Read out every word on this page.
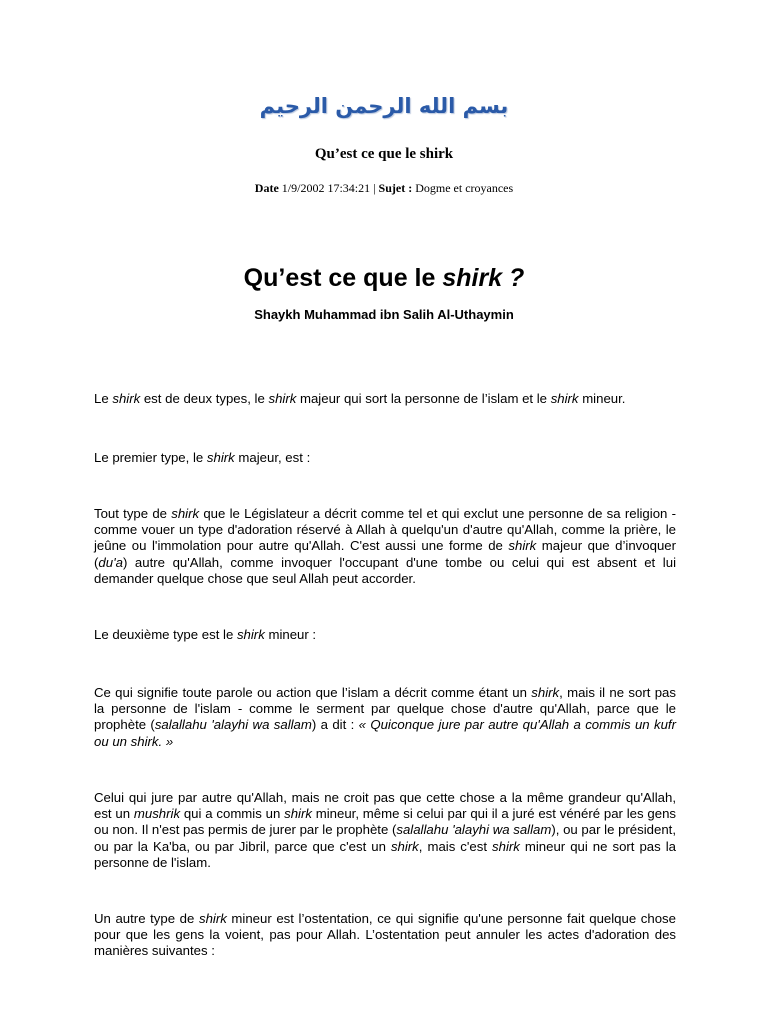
بسم الله الرحمن الرحيم
Qu’est ce que le shirk
Date 1/9/2002 17:34:21 | Sujet : Dogme et croyances
Qu’est ce que le shirk ?
Shaykh Muhammad ibn Salih Al-Uthaymin
Le shirk est de deux types, le shirk majeur qui sort la personne de l’islam et le shirk mineur.
Le premier type, le shirk majeur, est :
Tout type de shirk que le Législateur a décrit comme tel et qui exclut une personne de sa religion - comme vouer un type d'adoration réservé à Allah à quelqu'un d'autre qu'Allah, comme la prière, le jeûne ou l'immolation pour autre qu'Allah. C'est aussi une forme de shirk majeur que d’invoquer (du'a) autre qu'Allah, comme invoquer l'occupant d'une tombe ou celui qui est absent et lui demander quelque chose que seul Allah peut accorder.
Le deuxième type est le shirk mineur :
Ce qui signifie toute parole ou action que l’islam a décrit comme étant un shirk, mais il ne sort pas la personne de l'islam - comme le serment par quelque chose d'autre qu'Allah, parce que le prophète (salallahu 'alayhi wa sallam) a dit : « Quiconque jure par autre qu'Allah a commis un kufr ou un shirk. »
Celui qui jure par autre qu'Allah, mais ne croit pas que cette chose a la même grandeur qu'Allah, est un mushrik qui a commis un shirk mineur, même si celui par qui il a juré est vénéré par les gens ou non. Il n'est pas permis de jurer par le prophète (salallahu 'alayhi wa sallam), ou par le président, ou par la Ka'ba, ou par Jibril, parce que c'est un shirk, mais c'est shirk mineur qui ne sort pas la personne de l'islam.
Un autre type de shirk mineur est l’ostentation, ce qui signifie qu'une personne fait quelque chose pour que les gens la voient, pas pour Allah. L’ostentation peut annuler les actes d'adoration des manières suivantes :
